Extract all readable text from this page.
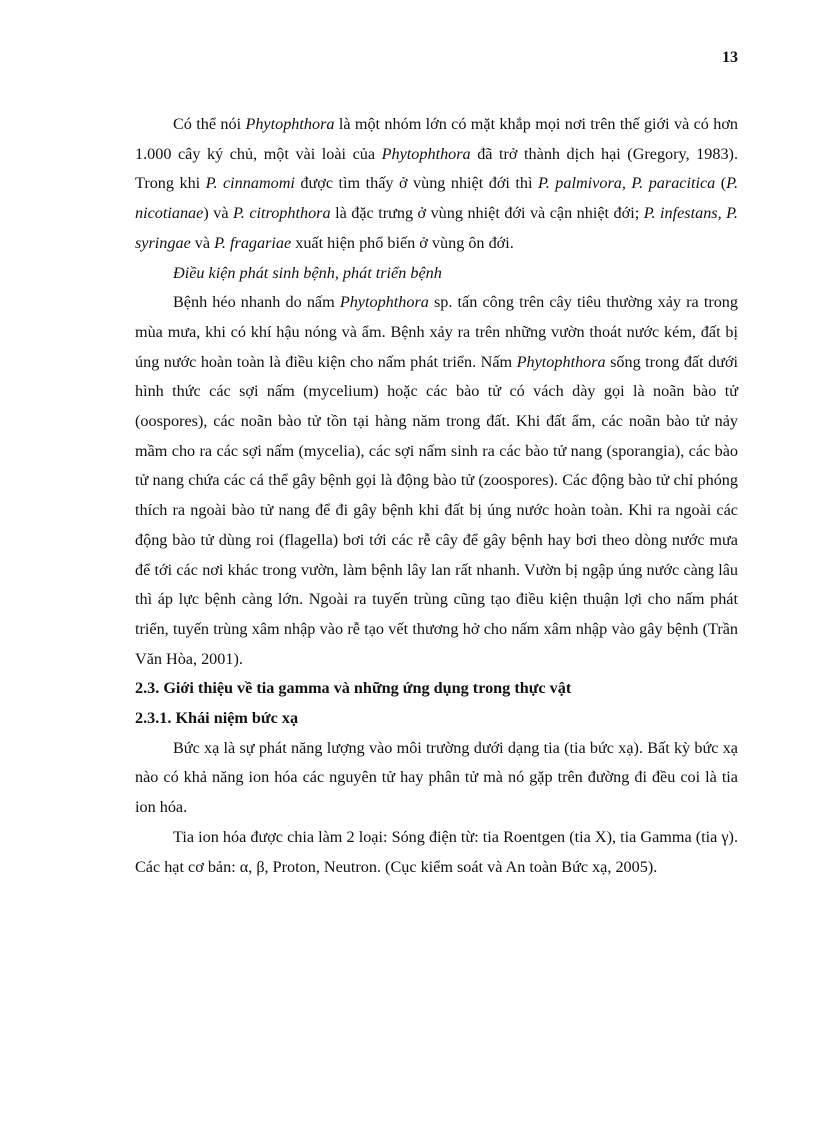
13

Có thể nói Phytophthora là một nhóm lớn có mặt khắp mọi nơi trên thế giới và có hơn 1.000 cây ký chủ, một vài loài của Phytophthora đã trở thành dịch hại (Gregory, 1983). Trong khi P. cinnamomi được tìm thấy ở vùng nhiệt đới thì P. palmivora, P. paracitica (P. nicotianae) và P. citrophthora là đặc trưng ở vùng nhiệt đới và cận nhiệt đới; P. infestans, P. syringae và P. fragariae xuất hiện phổ biến ở vùng ôn đới.

Điều kiện phát sinh bệnh, phát triển bệnh

Bệnh héo nhanh do nấm Phytophthora sp. tấn công trên cây tiêu thường xảy ra trong mùa mưa, khi có khí hậu nóng và ẩm. Bệnh xảy ra trên những vườn thoát nước kém, đất bị úng nước hoàn toàn là điều kiện cho nấm phát triển. Nấm Phytophthora sống trong đất dưới hình thức các sợi nấm (mycelium) hoặc các bào tử có vách dày gọi là noãn bào tử (oospores), các noãn bào tử tồn tại hàng năm trong đất. Khi đất ẩm, các noãn bào tử nảy mầm cho ra các sợi nấm (mycelia), các sợi nấm sinh ra các bào tử nang (sporangia), các bào tử nang chứa các cá thể gây bệnh gọi là động bào tử (zoospores). Các động bào tử chỉ phóng thích ra ngoài bào tử nang để đi gây bệnh khi đất bị úng nước hoàn toàn. Khi ra ngoài các động bào tử dùng roi (flagella) bơi tới các rễ cây để gây bệnh hay bơi theo dòng nước mưa để tới các nơi khác trong vườn, làm bệnh lây lan rất nhanh. Vườn bị ngập úng nước càng lâu thì áp lực bệnh càng lớn. Ngoài ra tuyến trùng cũng tạo điều kiện thuận lợi cho nấm phát triển, tuyến trùng xâm nhập vào rễ tạo vết thương hở cho nấm xâm nhập vào gây bệnh (Trần Văn Hòa, 2001).

2.3. Giới thiệu về tia gamma và những ứng dụng trong thực vật

2.3.1. Khái niệm bức xạ

Bức xạ là sự phát năng lượng vào môi trường dưới dạng tia (tia bức xạ). Bất kỳ bức xạ nào có khả năng ion hóa các nguyên tử hay phân tử mà nó gặp trên đường đi đều coi là tia ion hóa.

Tia ion hóa được chia làm 2 loại: Sóng điện từ: tia Roentgen (tia X), tia Gamma (tia γ). Các hạt cơ bản: α, β, Proton, Neutron. (Cục kiểm soát và An toàn Bức xạ, 2005).
